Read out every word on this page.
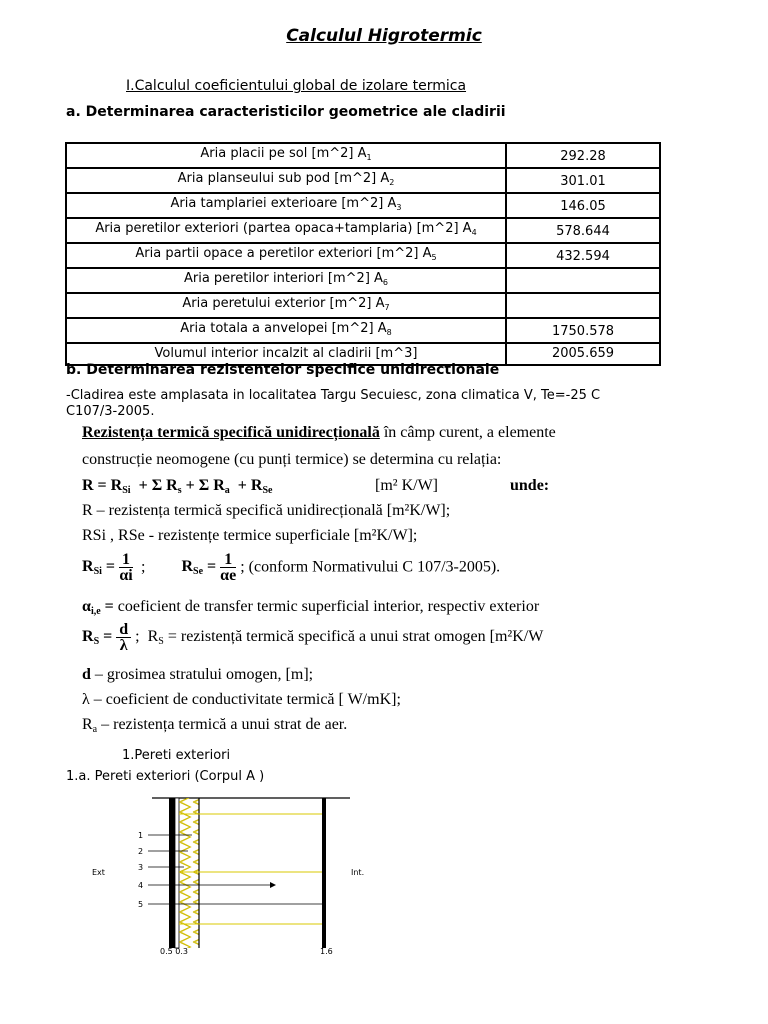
Calculul Higrotermic
I.Calculul coeficientului global de izolare termica
a. Determinarea caracteristicilor geometrice ale cladirii
Aria placii pe sol [m^2] $A_1$	292.28
Aria planseului sub pod [m^2] $A_2$	301.01
Aria tamplariei exterioare [m^2] $A_3$	146.05
Aria peretilor exteriori (partea opaca+tamplaria) [m^2] $A_4$	578.644
Aria partii opace a peretilor exteriori [m^2] $A_5$	432.594
Aria peretilor interiori [m^2] $A_6$	
Aria peretului exterior [m^2] $A_7$	
Aria totala a anvelopei [m^2] $A_8$	1750.578
Volumul interior incalzit al cladirii [m^3]	2005.659
b. Determinarea rezistentelor specifice unidirectionale
-Cladirea este amplasata in localitatea Targu Secuiesc, zona climatica V, Te=-25 C
C107/3-2005.
Rezistența termică specifică unidirecțională în câmp curent, a elemente
construcție neomogene (cu punți termice) se determina cu relația:
$R = R_{Si} + \Sigma$ $R_s + \Sigma$ $R_a + R_{Se}$	[m² K/W]	unde:
R – rezistența termică specifică unidirecțională [m²K/W];
RSi , RSe - rezistențe termice superficiale [m²K/W];
$R_{Si} = \frac{1}{\alpha i}$ ;         $R_{Se} = \frac{1}{\alpha e}$ ; (conform Normativului C 107/3-2005).
$\alpha_{i,e}$ = coeficient de transfer termic superficial interior, respectiv exterior
$R_S = \frac{d}{\lambda}$ ;  $R_S$ = rezistență termică specifică a unui strat omogen [m²K/W
d – grosimea stratului omogen, [m];
λ – coeficient de conductivitate termică [ W/mK];
$R_a$ – rezistența termică a unui strat de aer.
1.Pereti exteriori
1.a. Pereti exteriori (Corpul A )
1
2
3
4
5
Ext	Int.
0.5 0.3	1.6
